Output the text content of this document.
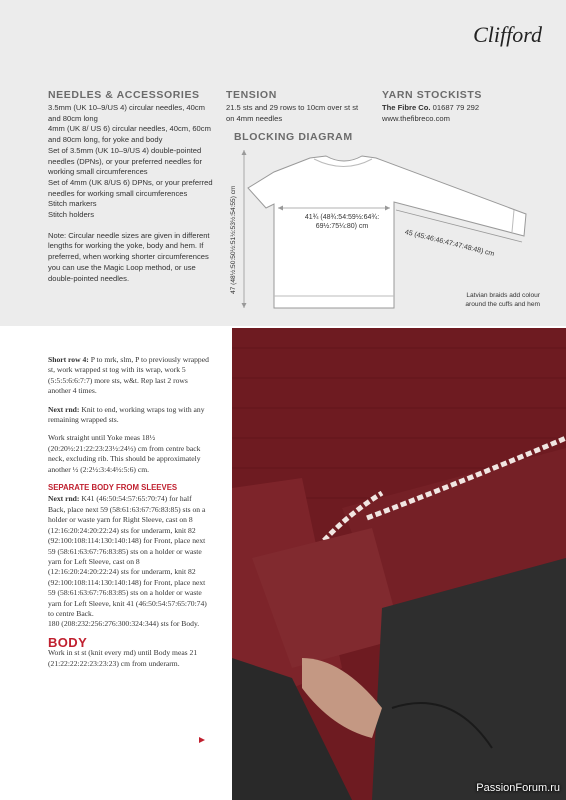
Clifford
NEEDLES & ACCESSORIES
3.5mm (UK 10–9/US 4) circular needles, 40cm and 80cm long
4mm (UK 8/ US 6) circular needles, 40cm, 60cm and 80cm long, for yoke and body
Set of 3.5mm (UK 10–9/US 4) double-pointed needles (DPNs), or your preferred needles for working small circumferences
Set of 4mm (UK 8/US 6) DPNs, or your preferred needles for working small circumferences
Stitch markers
Stitch holders
Note: Circular needle sizes are given in different lengths for working the yoke, body and hem. If preferred, when working shorter circumferences you can use the Magic Loop method, or use double-pointed needles.
TENSION
21.5 sts and 29 rows to 10cm over st st on 4mm needles
YARN STOCKISTS
The Fibre Co. 01687 79 292
www.thefibreco.com
BLOCKING DIAGRAM
41¾ (48¾:54:59½:64¾:
69½:75¼:80) cm
45 (45:46:46:47:47:48:48) cm
47 (48½:50:50½:51½:53½:54:55) cm
Latvian braids add colour around the cuffs and hem

Short row 4: P to mrk, slm, P to previously wrapped st, work wrapped st tog with its wrap, work 5 (5:5:5:6:6:7:7) more sts, w&t. Rep last 2 rows another 4 times.

Next rnd: Knit to end, working wraps tog with any remaining wrapped sts.

Work straight until Yoke meas 18½ (20:20½:21:22:23:23½:24½) cm from centre back neck, excluding rib. This should be approximately another ½ (2:2½:3:4:4½:5:6) cm.

SEPARATE BODY FROM SLEEVES

Next rnd: K41 (46:50:54:57:65:70:74) for half Back, place next 59 (58:61:63:67:76:83:85) sts on a holder or waste yarn for Right Sleeve, cast on 8 (12:16:20:24:20:22:24) sts for underarm, knit 82 (92:100:108:114:130:140:148) for Front, place next 59 (58:61:63:67:76:83:85) sts on a holder or waste yarn for Left Sleeve, cast on 8 (12:16:20:24:20:22:24) sts for underarm, knit 82 (92:100:108:114:130:140:148) for Front, place next 59 (58:61:63:67:76:83:85) sts on a holder or waste yarn for Left Sleeve, knit 41 (46:50:54:57:65:70:74) to centre Back.

180 (208:232:256:276:300:324:344) sts for Body.

BODY

Work in st st (knit every rnd) until Body meas 21 (21:22:22:22:23:23:23) cm from underarm.

PassionForum.ru
